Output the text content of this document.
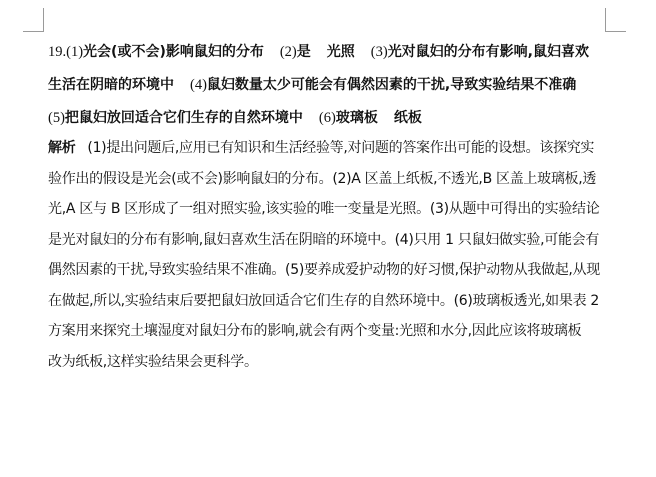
19.(1)光会(或不会)影响鼠妇的分布 (2)是 光照 (3)光对鼠妇的分布有影响,鼠妇喜欢
生活在阴暗的环境中 (4)鼠妇数量太少可能会有偶然因素的干扰,导致实验结果不准确
(5)把鼠妇放回适合它们生存的自然环境中 (6)玻璃板 纸板
解析 (1)提出问题后,应用已有知识和生活经验等,对问题的答案作出可能的设想。该探究实
验作出的假设是光会(或不会)影响鼠妇的分布。(2)A 区盖上纸板,不透光,B 区盖上玻璃板,透
光,A 区与 B 区形成了一组对照实验,该实验的唯一变量是光照。(3)从题中可得出的实验结论
是光对鼠妇的分布有影响,鼠妇喜欢生活在阴暗的环境中。(4)只用 1 只鼠妇做实验,可能会有
偶然因素的干扰,导致实验结果不准确。(5)要养成爱护动物的好习惯,保护动物从我做起,从现
在做起,所以,实验结束后要把鼠妇放回适合它们生存的自然环境中。(6)玻璃板透光,如果表 2
方案用来探究土壤湿度对鼠妇分布的影响,就会有两个变量:光照和水分,因此应该将玻璃板
改为纸板,这样实验结果会更科学。
